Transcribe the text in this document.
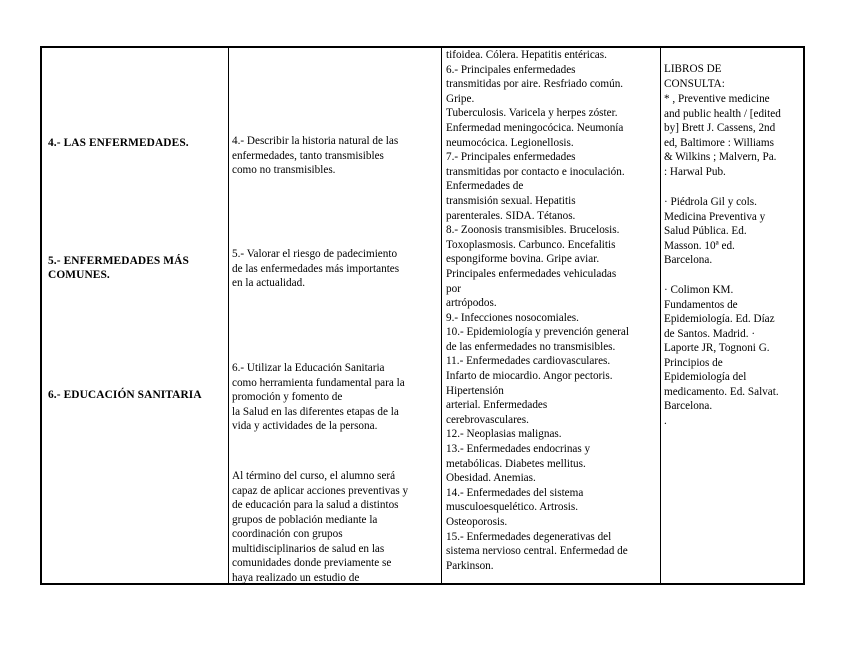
4.- LAS ENFERMEDADES.
5.- ENFERMEDADES MÁS
COMUNES.
6.- EDUCACIÓN SANITARIA
4.- Describir la historia natural de las
enfermedades, tanto transmisibles
como no transmisibles.
5.- Valorar el riesgo de padecimiento
de las enfermedades más importantes
en la actualidad.
6.- Utilizar la Educación Sanitaria
como herramienta fundamental para la
promoción y fomento de
la Salud en las diferentes etapas de la
vida y actividades de la persona.
Al término del curso, el alumno será
capaz de aplicar acciones preventivas y
de educación para la salud a distintos
grupos de población mediante la
coordinación con grupos
multidisciplinarios de salud en las
comunidades donde previamente se
haya realizado un estudio de
tifoidea. Cólera. Hepatitis entéricas.
6.- Principales enfermedades
transmitidas por aire. Resfriado común.
Gripe.
Tuberculosis. Varicela y herpes zóster.
Enfermedad meningocócica. Neumonía
neumocócica. Legionellosis.
7.- Principales enfermedades
transmitidas por contacto e inoculación.
Enfermedades de
transmisión sexual. Hepatitis
parenterales. SIDA. Tétanos.
8.- Zoonosis transmisibles. Brucelosis.
Toxoplasmosis. Carbunco. Encefalitis
espongiforme bovina. Gripe aviar.
Principales enfermedades vehiculadas
por
artrópodos.
9.- Infecciones nosocomiales.
10.- Epidemiología y prevención general
de las enfermedades no transmisibles.
11.- Enfermedades cardiovasculares.
Infarto de miocardio. Angor pectoris.
Hipertensión
arterial. Enfermedades
cerebrovasculares.
12.- Neoplasias malignas.
13.- Enfermedades endocrinas y
metabólicas. Diabetes mellitus.
Obesidad. Anemias.
14.- Enfermedades del sistema
musculoesquelético. Artrosis.
Osteoporosis.
15.- Enfermedades degenerativas del
sistema nervioso central. Enfermedad de
Parkinson.
LIBROS DE
CONSULTA:
* , Preventive medicine
and public health / [edited
by] Brett J. Cassens, 2nd
ed, Baltimore : Williams
& Wilkins ; Malvern, Pa.
: Harwal Pub.
· Piédrola Gil y cols.
Medicina Preventiva y
Salud Pública. Ed.
Masson. 10ª ed.
Barcelona.
· Colimon KM.
Fundamentos de
Epidemiología. Ed. Díaz
de Santos. Madrid. ·
Laporte JR, Tognoni G.
Principios de
Epidemiología del
medicamento. Ed. Salvat.
Barcelona.
.
